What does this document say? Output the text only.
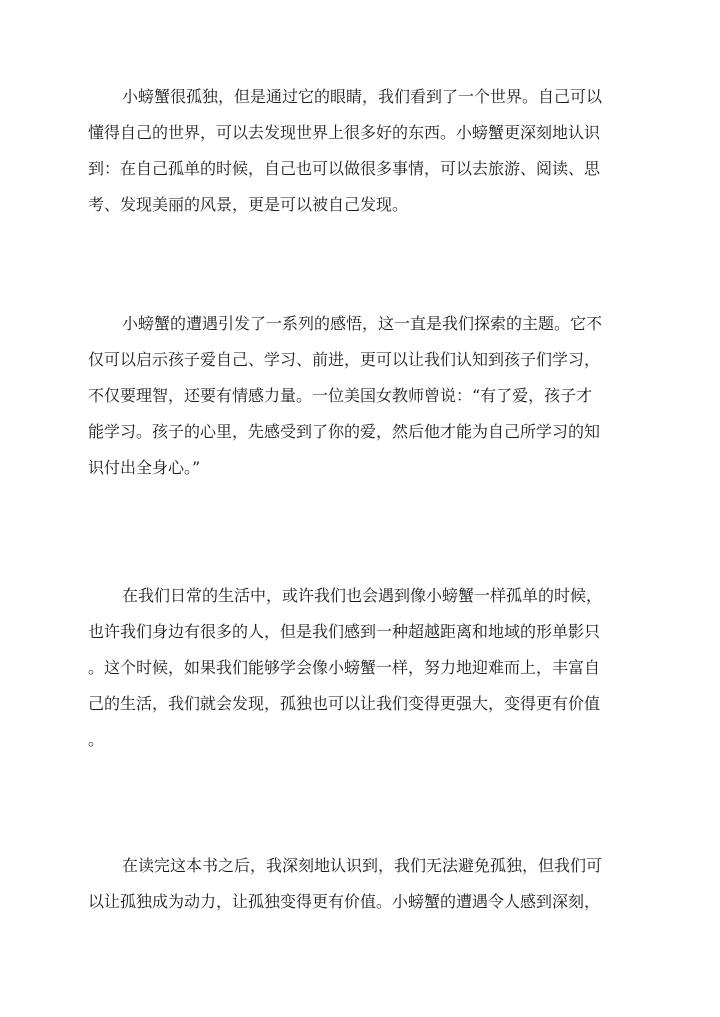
小螃蟹很孤独，但是通过它的眼睛，我们看到了一个世界。自己可以
懂得自己的世界，可以去发现世界上很多好的东西。小螃蟹更深刻地认识
到：在自己孤单的时候，自己也可以做很多事情，可以去旅游、阅读、思
考、发现美丽的风景，更是可以被自己发现。

小螃蟹的遭遇引发了一系列的感悟，这一直是我们探索的主题。它不
仅可以启示孩子爱自己、学习、前进，更可以让我们认知到孩子们学习，
不仅要理智，还要有情感力量。一位美国女教师曾说：“有了爱，孩子才
能学习。孩子的心里，先感受到了你的爱，然后他才能为自己所学习的知
识付出全身心。”

在我们日常的生活中，或许我们也会遇到像小螃蟹一样孤单的时候，
也许我们身边有很多的人，但是我们感到一种超越距离和地域的形单影只
。这个时候，如果我们能够学会像小螃蟹一样，努力地迎难而上，丰富自
己的生活，我们就会发现，孤独也可以让我们变得更强大，变得更有价值
。

在读完这本书之后，我深刻地认识到，我们无法避免孤独，但我们可
以让孤独成为动力，让孤独变得更有价值。小螃蟹的遭遇令人感到深刻，
